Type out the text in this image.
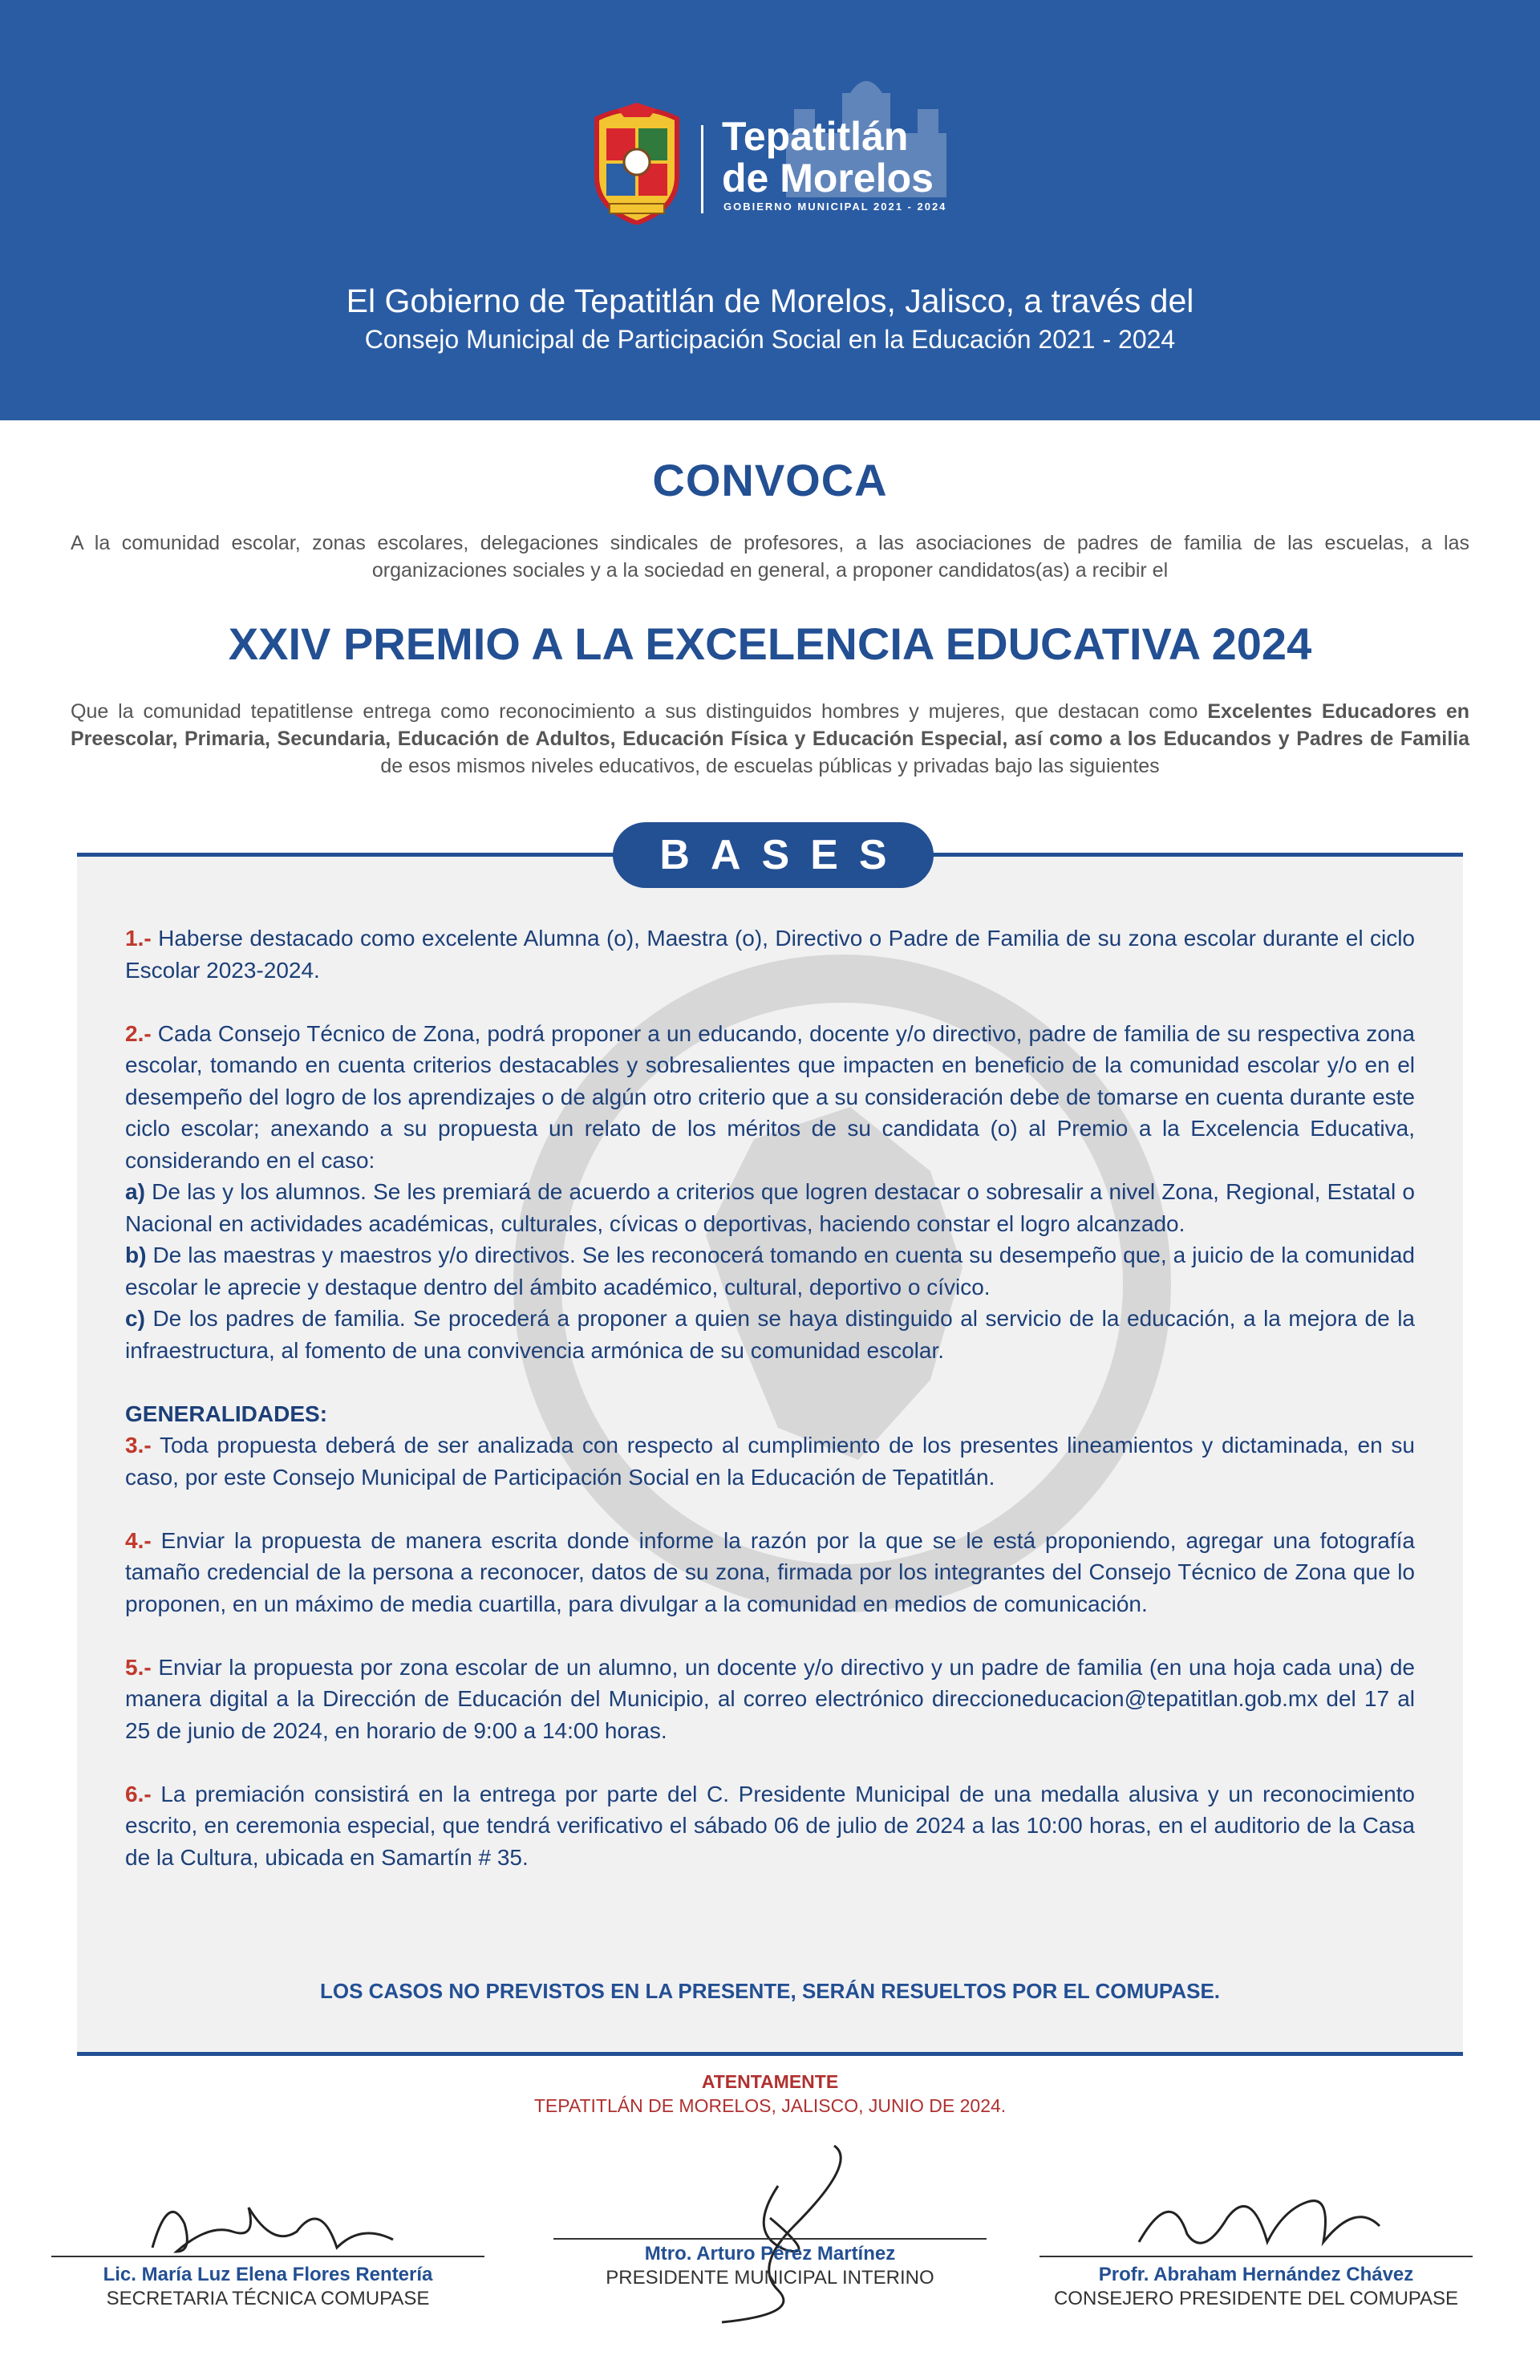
Tepatitlán
de Morelos
GOBIERNO MUNICIPAL 2021 - 2024
El Gobierno de Tepatitlán de Morelos, Jalisco, a través del
Consejo Municipal de Participación Social en la Educación 2021 - 2024
CONVOCA
A la comunidad escolar, zonas escolares, delegaciones sindicales de profesores, a las asociaciones de padres de familia de las escuelas, a las organizaciones sociales y a la sociedad en general, a proponer candidatos(as) a recibir el
XXIV PREMIO A LA EXCELENCIA EDUCATIVA 2024
Que la comunidad tepatitlense entrega como reconocimiento a sus distinguidos hombres y mujeres, que destacan como Excelentes Educadores en Preescolar, Primaria, Secundaria, Educación de Adultos, Educación Física y Educación Especial, así como a los Educandos y Padres de Familia de esos mismos niveles educativos, de escuelas públicas y privadas bajo las siguientes
BASES

1.- Haberse destacado como excelente Alumna (o), Maestra (o), Directivo o Padre de Familia de su zona escolar durante el ciclo Escolar 2023-2024.

2.- Cada Consejo Técnico de Zona, podrá proponer a un educando, docente y/o directivo, padre de familia de su respectiva zona escolar, tomando en cuenta criterios destacables y sobresalientes que impacten en beneficio de la comunidad escolar y/o en el desempeño del logro de los aprendizajes o de algún otro criterio que a su consideración debe de tomarse en cuenta durante este ciclo escolar; anexando a su propuesta un relato de los méritos de su candidata (o) al Premio a la Excelencia Educativa, considerando en el caso:

a) De las y los alumnos. Se les premiará de acuerdo a criterios que logren destacar o sobresalir a nivel Zona, Regional, Estatal o Nacional en actividades académicas, culturales, cívicas o deportivas, haciendo constar el logro alcanzado.

b) De las maestras y maestros y/o directivos. Se les reconocerá tomando en cuenta su desempeño que, a juicio de la comunidad escolar le aprecie y destaque dentro del ámbito académico, cultural, deportivo o cívico.

c) De los padres de familia. Se procederá a proponer a quien se haya distinguido al servicio de la educación, a la mejora de la infraestructura, al fomento de una convivencia armónica de su comunidad escolar.

GENERALIDADES:

3.- Toda propuesta deberá de ser analizada con respecto al cumplimiento de los presentes lineamientos y dictaminada, en su caso, por este Consejo Municipal de Participación Social en la Educación de Tepatitlán.

4.- Enviar la propuesta de manera escrita donde informe la razón por la que se le está proponiendo, agregar una fotografía tamaño credencial de la persona a reconocer, datos de su zona, firmada por los integrantes del Consejo Técnico de Zona que lo proponen, en un máximo de media cuartilla, para divulgar a la comunidad en medios de comunicación.

5.- Enviar la propuesta por zona escolar de un alumno, un docente y/o directivo y un padre de familia (en una hoja cada una) de manera digital a la Dirección de Educación del Municipio, al correo electrónico direccioneducacion@tepatitlan.gob.mx del 17 al 25 de junio de 2024, en horario de 9:00 a 14:00 horas.

6.- La premiación consistirá en la entrega por parte del C. Presidente Municipal de una medalla alusiva y un reconocimiento escrito, en ceremonia especial, que tendrá verificativo el sábado 06 de julio de 2024 a las 10:00 horas, en el auditorio de la Casa de la Cultura, ubicada en Samartín # 35.

LOS CASOS NO PREVISTOS EN LA PRESENTE, SERÁN RESUELTOS POR EL COMUPASE.
ATENTAMENTE
TEPATITLÁN DE MORELOS, JALISCO, JUNIO DE 2024.
Lic. María Luz Elena Flores Rentería
SECRETARIA TÉCNICA COMUPASE
Mtro. Arturo Pérez Martínez
PRESIDENTE MUNICIPAL INTERINO	Profr. Abraham Hernández Chávez
CONSEJERO PRESIDENTE DEL COMUPASE
